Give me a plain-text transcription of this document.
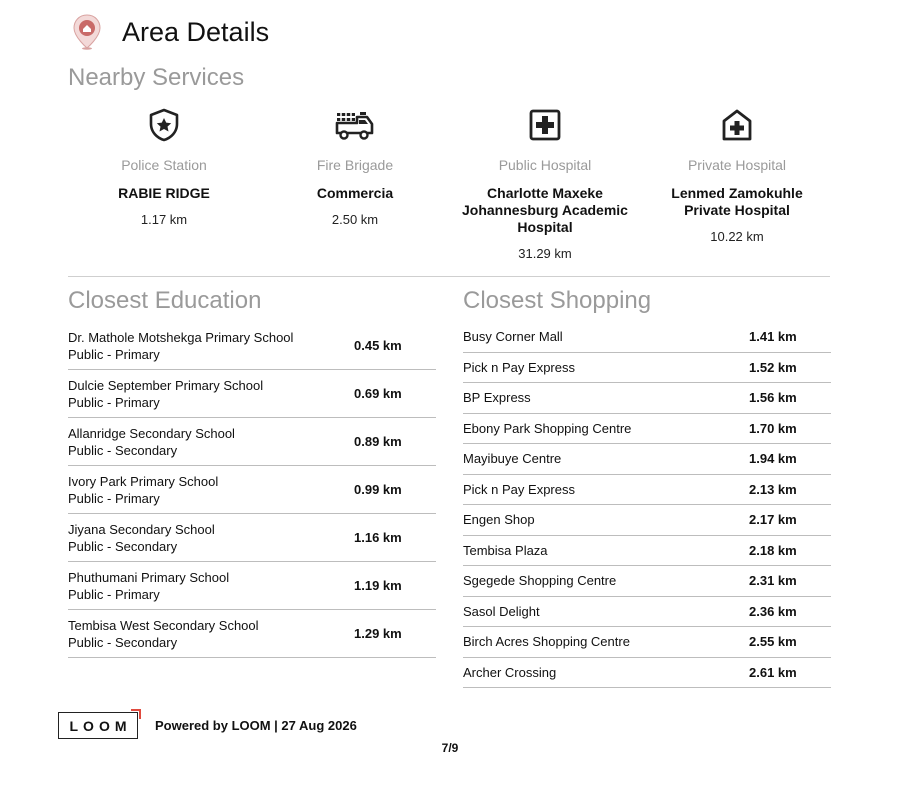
Area Details
Nearby Services
Police Station
RABIE RIDGE
1.17 km
Fire Brigade
Commercia
2.50 km
Public Hospital
Charlotte Maxeke Johannesburg Academic Hospital
31.29 km
Private Hospital
Lenmed Zamokuhle Private Hospital
10.22 km
Closest Education
Dr. Mathole Motshekga Primary School
Public - Primary
0.45 km
Dulcie September Primary School
Public - Primary
0.69 km
Allanridge Secondary School
Public - Secondary
0.89 km
Ivory Park Primary School
Public - Primary
0.99 km
Jiyana Secondary School
Public - Secondary
1.16 km
Phuthumani Primary School
Public - Primary
1.19 km
Tembisa West Secondary School
Public - Secondary
1.29 km
Closest Shopping
Busy Corner Mall	1.41 km
Pick n Pay Express	1.52 km
BP Express	1.56 km
Ebony Park Shopping Centre	1.70 km
Mayibuye Centre	1.94 km
Pick n Pay Express	2.13 km
Engen Shop	2.17 km
Tembisa Plaza	2.18 km
Sgegede Shopping Centre	2.31 km
Sasol Delight	2.36 km
Birch Acres Shopping Centre	2.55 km
Archer Crossing	2.61 km
LOOM Powered by LOOM | 27 Aug 2026
7/9
